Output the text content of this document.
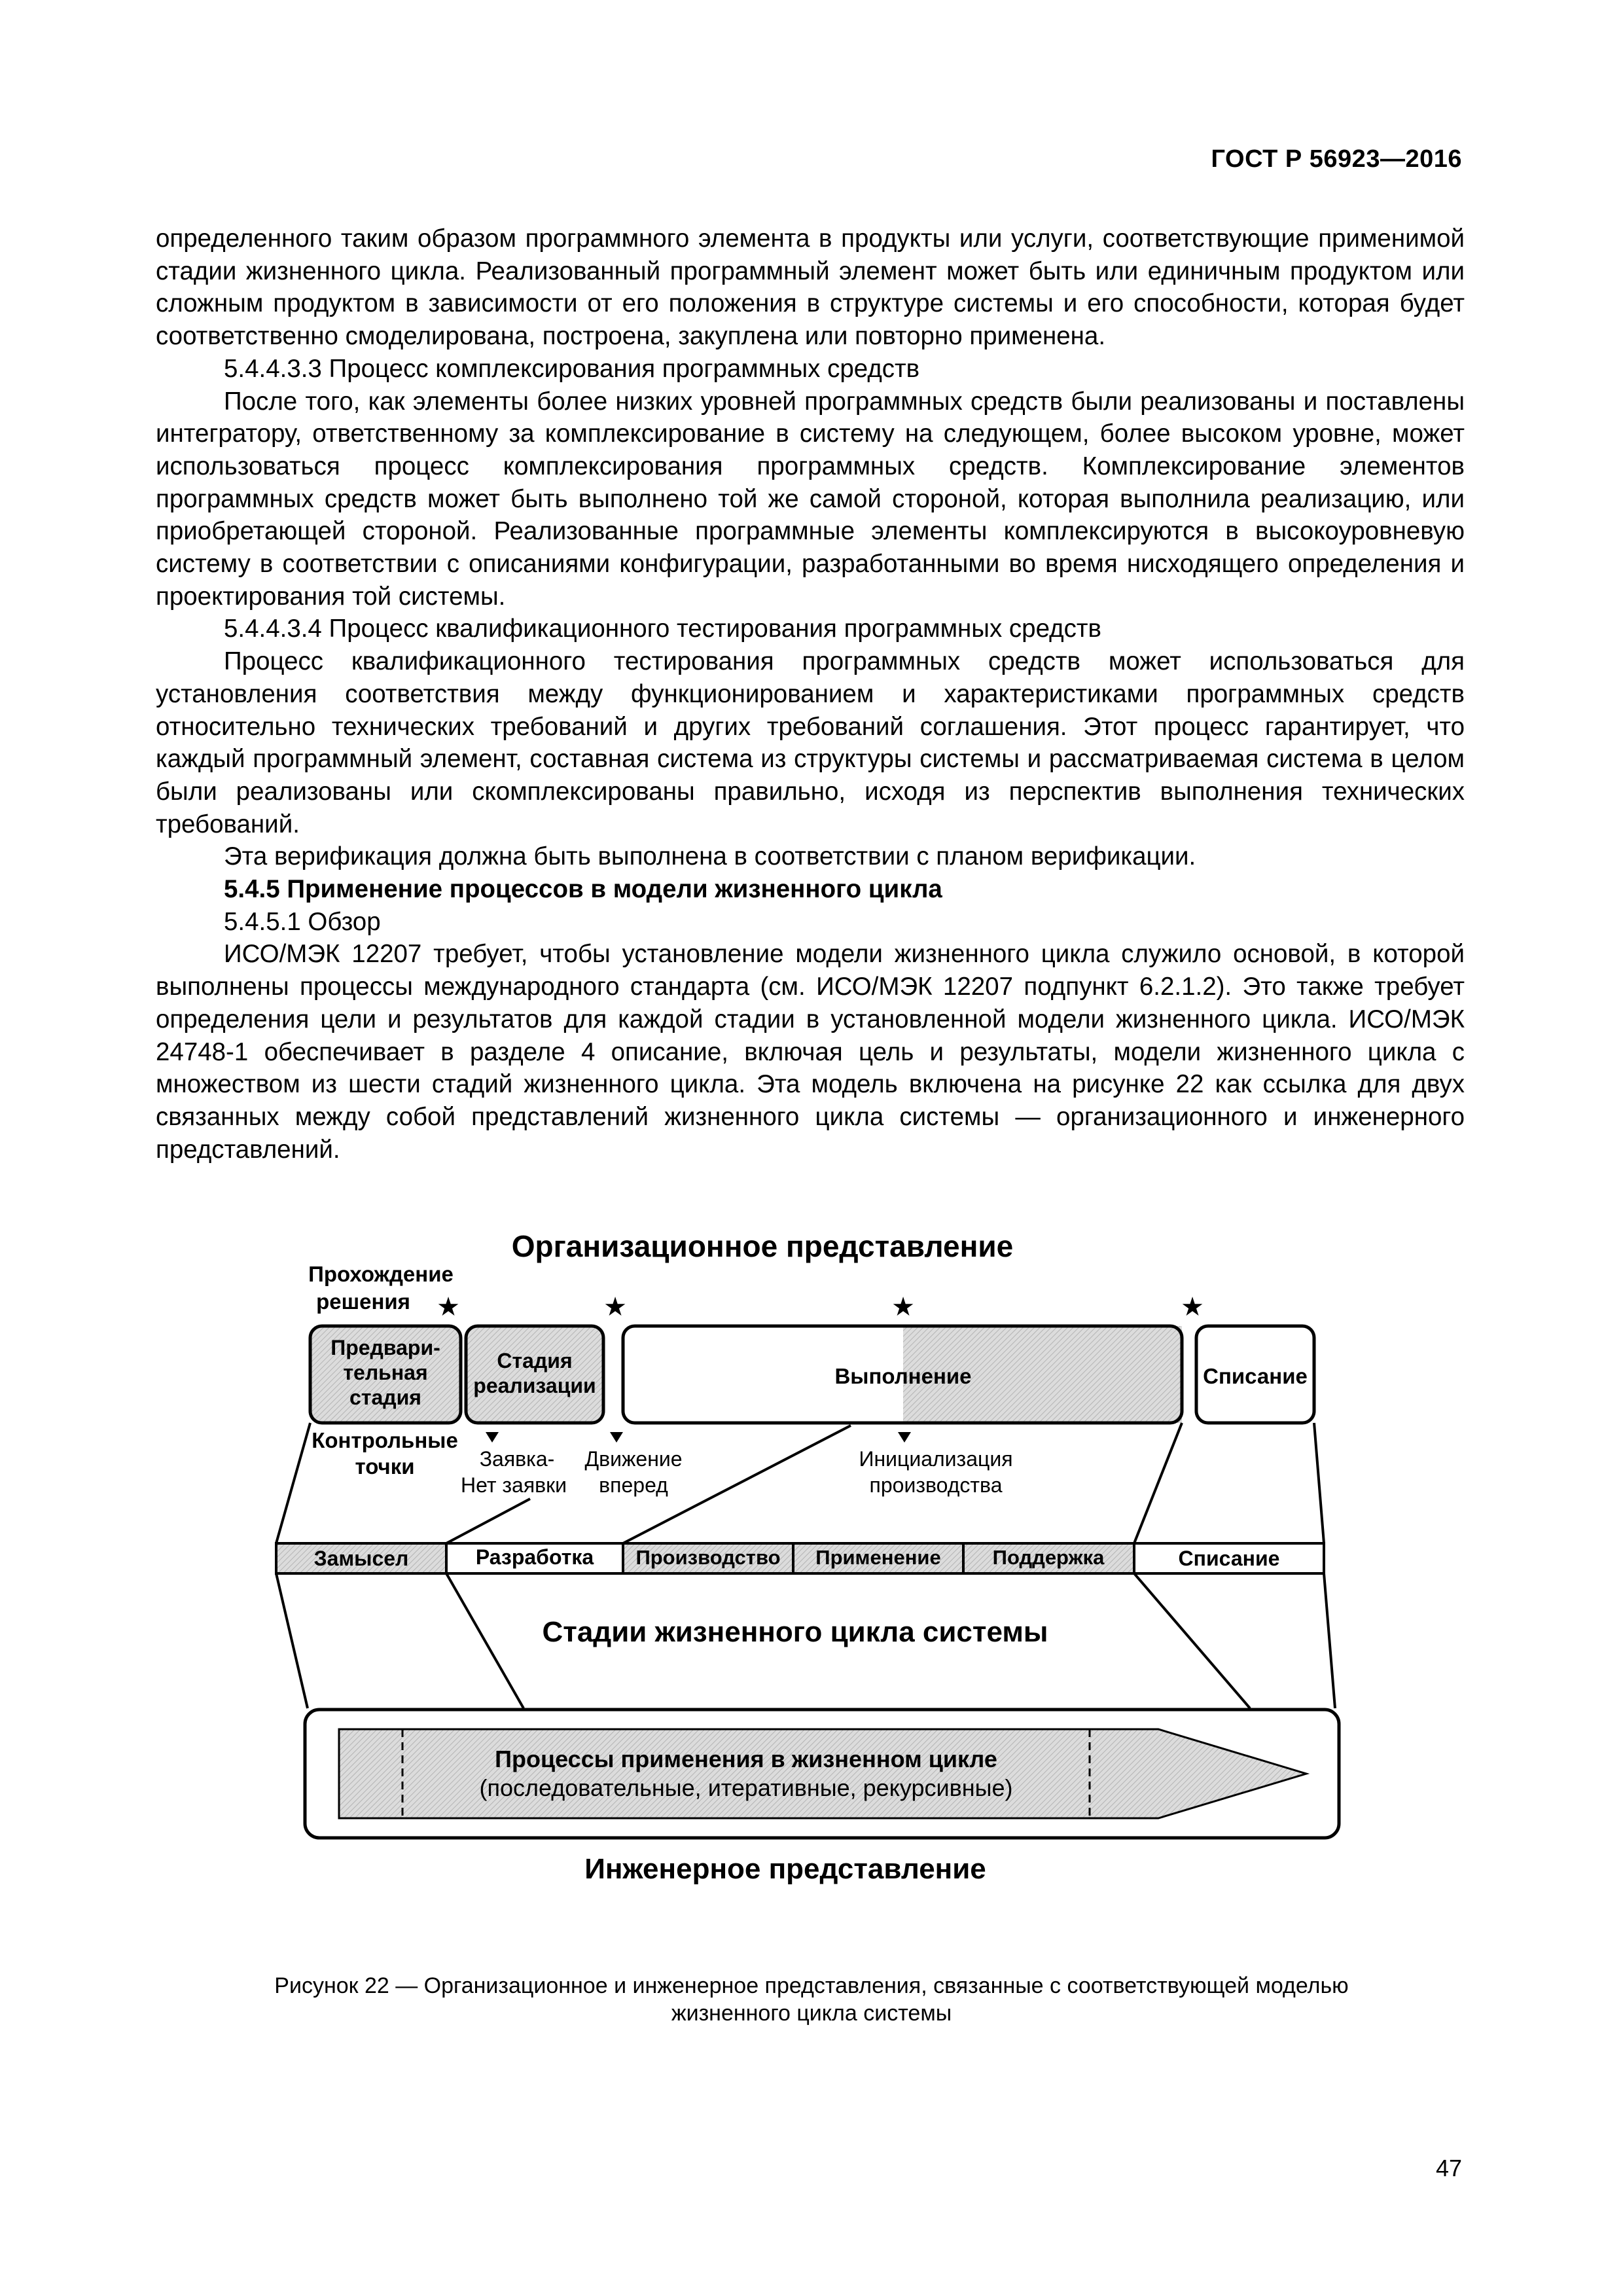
ГОСТ Р 56923—2016

определенного таким образом программного элемента в продукты или услуги, соответствующие применимой стадии жизненного цикла. Реализованный программный элемент может быть или единичным продуктом или сложным продуктом в зависимости от его положения в структуре системы и его способности, которая будет соответственно смоделирована, построена, закуплена или повторно применена.

5.4.4.3.3 Процесс комплексирования программных средств

После того, как элементы более низких уровней программных средств были реализованы и поставлены интегратору, ответственному за комплексирование в систему на следующем, более высоком уровне, может использоваться процесс комплексирования программных средств. Комплексирование элементов программных средств может быть выполнено той же самой стороной, которая выполнила реализацию, или приобретающей стороной. Реализованные программные элементы комплексируются в высокоуровневую систему в соответствии с описаниями конфигурации, разработанными во время нисходящего определения и проектирования той системы.

5.4.4.3.4 Процесс квалификационного тестирования программных средств

Процесс квалификационного тестирования программных средств может использоваться для установления соответствия между функционированием и характеристиками программных средств относительно технических требований и других требований соглашения. Этот процесс гарантирует, что каждый программный элемент, составная система из структуры системы и рассматриваемая система в целом были реализованы или скомплексированы правильно, исходя из перспектив выполнения технических требований.

Эта верификация должна быть выполнена в соответствии с планом верификации.

5.4.5 Применение процессов в модели жизненного цикла

5.4.5.1 Обзор

ИСО/МЭК 12207 требует, чтобы установление модели жизненного цикла служило основой, в которой выполнены процессы международного стандарта (см. ИСО/МЭК 12207 подпункт 6.2.1.2). Это также требует определения цели и результатов для каждой стадии в установленной модели жизненного цикла. ИСО/МЭК 24748-1 обеспечивает в разделе 4 описание, включая цель и результаты, модели жизненного цикла с множеством из шести стадий жизненного цикла. Эта модель включена на рисунке 22 как ссылка для двух связанных между собой представлений жизненного цикла системы — организационного и инженерного представлений.

Организационное представление
Прохождение
решения ★	★	★	★
Предвари-
тельная
стадия
Стадия
реализации	Выполнение	Списание
Контрольные
точки	Заявка-
Нет заявки
Движение
вперед
Инициализация
производства
Замысел	Разработка Производство Применение	Поддержка	Списание
Стадии жизненного цикла системы
Процессы применения в жизненном цикле
(последовательные, итеративные, рекурсивные)
Инженерное представление
Рисунок 22 — Организационное и инженерное представления, связанные с соответствующей моделью
жизненного цикла системы
47
